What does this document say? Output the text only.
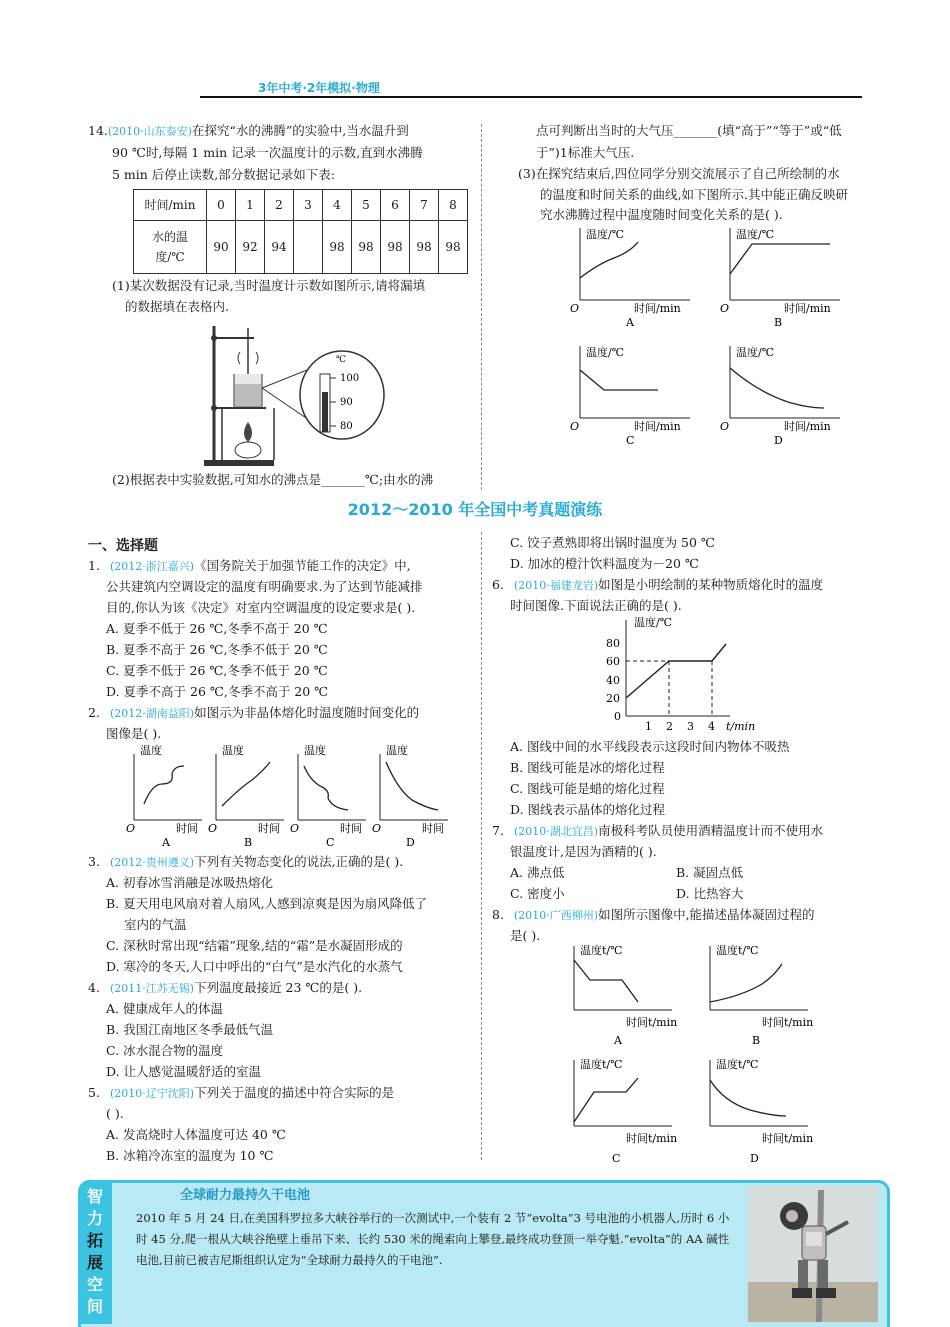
3年中考·2年模拟·物理
14.(2010·山东泰安)在探究“水的沸腾”的实验中,当水温升到
90 ℃时,每隔 1 min 记录一次温度计的示数,直到水沸腾
5 min 后停止读数,部分数据记录如下表:
时间/min	0	1	2	3	4	5	6	7	8
水的温
度/℃	90	92	94		98	98	98	98	98
(1)某次数据没有记录,当时温度计示数如图所示,请将漏填
的数据填在表格内.
℃
100
90
80
(2)根据表中实验数据,可知水的沸点是_______℃;由水的沸
点可判断出当时的大气压_______(填“高于”“等于”或“低
于”)1标准大气压.
(3)在探究结束后,四位同学分别交流展示了自己所绘制的水
的温度和时间关系的曲线,如下图所示.其中能正确反映研
究水沸腾过程中温度随时间变化关系的是( ).
温度/℃
时间/min
O
A
温度/℃
时间/min
O
B
温度/℃
时间/min
O
C
温度/℃
时间/min
O
D
2012～2010 年全国中考真题演练
一、选择题
1. (2012·浙江嘉兴)《国务院关于加强节能工作的决定》中,
公共建筑内空调设定的温度有明确要求.为了达到节能减排
目的,你认为该《决定》对室内空调温度的设定要求是( ).
A. 夏季不低于 26 ℃,冬季不高于 20 ℃
B. 夏季不高于 26 ℃,冬季不低于 20 ℃
C. 夏季不低于 26 ℃,冬季不低于 20 ℃
D. 夏季不高于 26 ℃,冬季不高于 20 ℃
2. (2012·湖南益阳)如图示为非晶体熔化时温度随时间变化的
图像是( ).
温度
时间
O
A
温度
时间
O
B
温度
时间
O
C
温度
时间
O
D
3. (2012·贵州遵义)下列有关物态变化的说法,正确的是( ).
A. 初春冰雪消融是冰吸热熔化
B. 夏天用电风扇对着人扇风,人感到凉爽是因为扇风降低了
室内的气温
C. 深秋时常出现“结霜”现象,结的“霜”是水凝固形成的
D. 寒冷的冬天,人口中呼出的“白气”是水汽化的水蒸气
4. (2011·江苏无锡)下列温度最接近 23 ℃的是( ).
A. 健康成年人的体温
B. 我国江南地区冬季最低气温
C. 冰水混合物的温度
D. 让人感觉温暖舒适的室温
5. (2010·辽宁沈阳)下列关于温度的描述中符合实际的是
( ).
A. 发高烧时人体温度可达 40 ℃
B. 冰箱冷冻室的温度为 10 ℃
C. 饺子煮熟即将出锅时温度为 50 ℃
D. 加冰的橙汁饮料温度为－20 ℃
6. (2010·福建龙岩)如图是小明绘制的某种物质熔化时的温度
时间图像.下面说法正确的是( ).
温度/℃
80
60
40
20
0
1 2 3 4 t/min
A. 图线中间的水平线段表示这段时间内物体不吸热
B. 图线可能是冰的熔化过程
C. 图线可能是蜡的熔化过程
D. 图线表示晶体的熔化过程
7. (2010·湖北宜昌)南极科考队员使用酒精温度计而不使用水
银温度计,是因为酒精的( ).
A. 沸点低	B. 凝固点低
C. 密度小	D. 比热容大
8. (2010·广西柳州)如图所示图像中,能描述晶体凝固过程的
是( ).
温度t/℃
时间t/min
A
温度t/℃
时间t/min
B
温度t/℃
时间t/min
C
温度t/℃
时间t/min
D
智
力
拓
展
空
间
全球耐力最持久干电池
2010 年 5 月 24 日,在美国科罗拉多大峡谷举行的一次测试中,一个装有 2 节“evolta”3 号电池的小机器人,历时 6 小时 45 分,爬一根从大峡谷绝壁上垂吊下来、长约 530 米的绳索向上攀登,最终成功登顶一举夺魁.“evolta”的 AA 碱性电池,目前已被吉尼斯组织认定为“全球耐力最持久的干电池”.
